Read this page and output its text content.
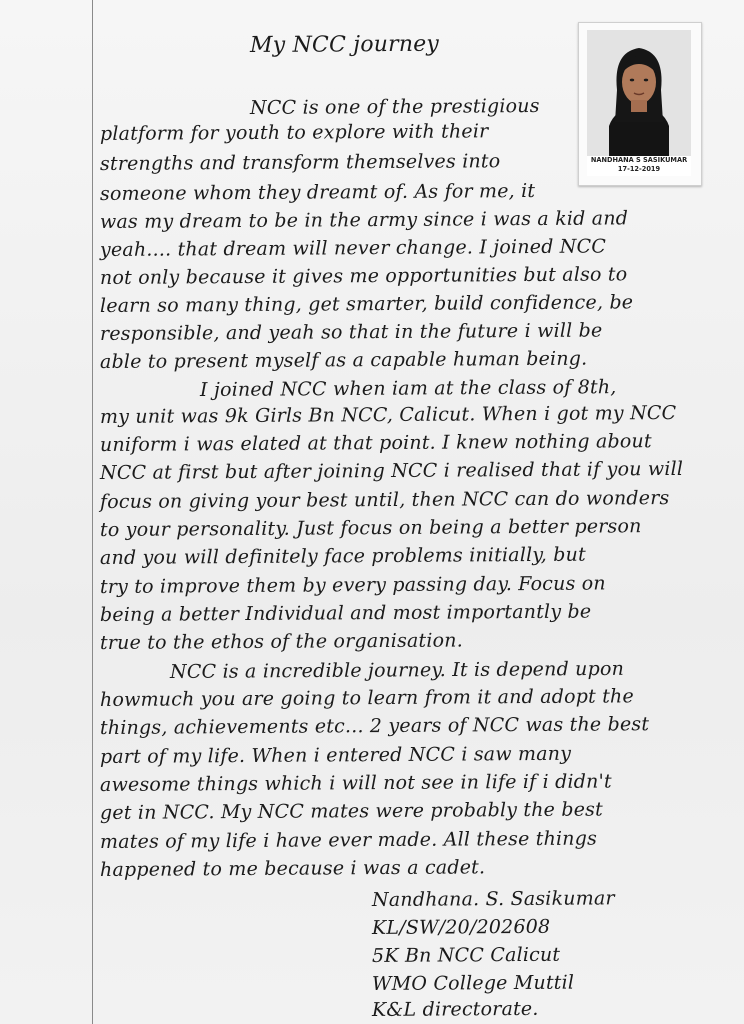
My NCC journey
NANDHANA S SASIKUMAR
17-12-2019
NCC is one of the prestigious
platform for youth to explore with their
strengths and transform themselves into
someone whom they dreamt of. As for me, it
was my dream to be in the army since i was a kid and
yeah.... that dream will never change. I joined NCC
not only because it gives me opportunities but also to
learn so many thing, get smarter, build confidence, be
responsible, and yeah so that in the future i will be
able to present myself as a capable human being.
I joined NCC when iam at the class of 8th,
my unit was 9k Girls Bn NCC, Calicut. When i got my NCC
uniform i was elated at that point. I knew nothing about
NCC at first but after joining NCC i realised that if you will
focus on giving your best until, then NCC can do wonders
to your personality. Just focus on being a better person
and you will definitely face problems initially, but
try to improve them by every passing day. Focus on
being a better Individual and most importantly be
true to the ethos of the organisation.
NCC is a incredible journey. It is depend upon
howmuch you are going to learn from it and adopt the
things, achievements etc... 2 years of NCC was the best
part of my life. When i entered NCC i saw many
awesome things which i will not see in life if i didn't
get in NCC. My NCC mates were probably the best
mates of my life i have ever made. All these things
happened to me because i was a cadet.
Nandhana. S. Sasikumar
KL/SW/20/202608
5K Bn NCC Calicut
WMO College Muttil
K&L directorate.
